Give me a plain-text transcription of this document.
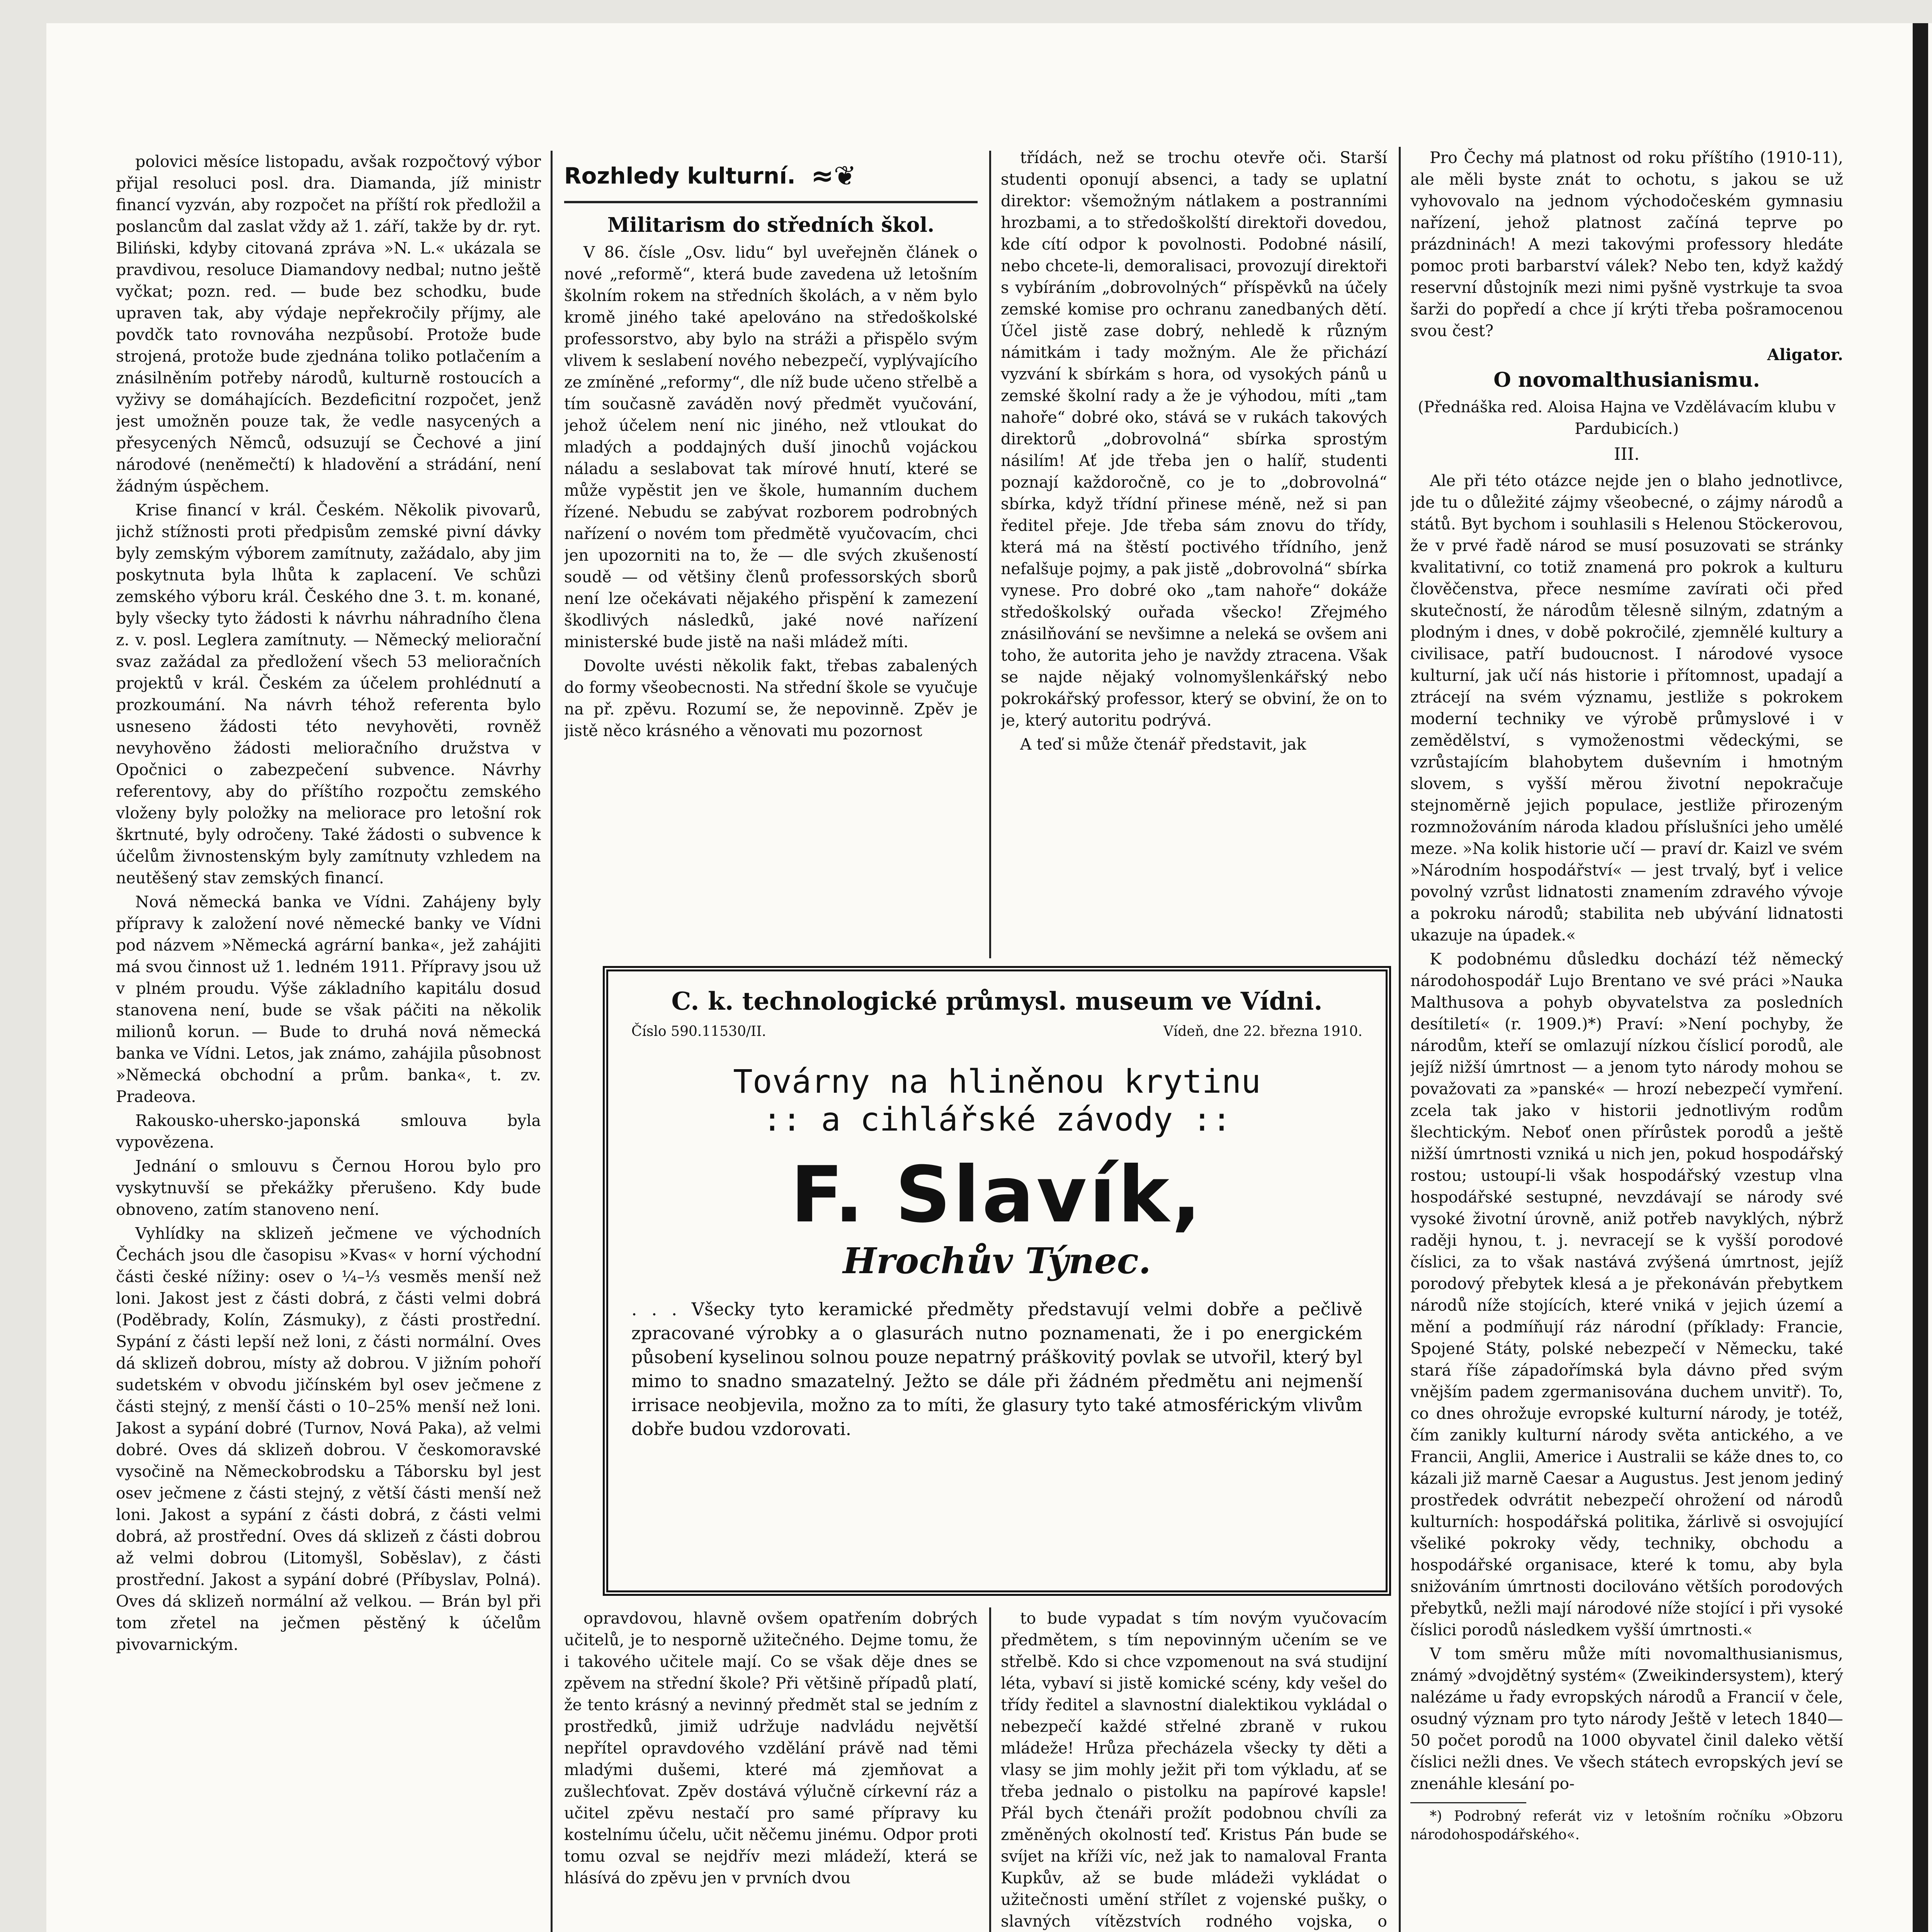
polovici měsíce listopadu, avšak rozpočtový výbor přijal resoluci posl. dra. Diamanda, jíž ministr financí vyzván, aby rozpočet na příští rok předložil a poslancům dal zaslat vždy až 1. září, takže by dr. ryt. Biliński, kdyby citovaná zpráva »N. L.« ukázala se pravdivou, resoluce Diamandovy nedbal; nutno ještě vyčkat; pozn. red. — bude bez schodku, bude upraven tak, aby výdaje nepřekročily příjmy, ale povdčk tato rovnováha nezpůsobí. Protože bude strojená, protože bude zjednána toliko potlačením a znásilněním potřeby národů, kulturně rostoucích a vyživy se domáhajících. Bezdeficitní rozpočet, jenž jest umožněn pouze tak, že vedle nasycených a přesycených Němců, odsuzují se Čechové a jiní národové (neněmečtí) k hladovění a strádání, není žádným úspěchem.

Krise financí v král. Českém. Několik pivovarů, jichž stížnosti proti předpisům zemské pivní dávky byly zemským výborem zamítnuty, zažádalo, aby jim poskytnuta byla lhůta k zaplacení. Ve schůzi zemského výboru král. Českého dne 3. t. m. konané, byly všecky tyto žádosti k návrhu náhradního člena z. v. posl. Leglera zamítnuty. — Německý meliorační svaz zažádal za předložení všech 53 melioračních projektů v král. Českém za účelem prohlédnutí a prozkoumání. Na návrh téhož referenta bylo usneseno žádosti této nevyhověti, rovněž nevyhověno žádosti melioračního družstva v Opočnici o zabezpečení subvence. Návrhy referentovy, aby do příštího rozpočtu zemského vloženy byly položky na meliorace pro letošní rok škrtnuté, byly odročeny. Také žádosti o subvence k účelům živnostenským byly zamítnuty vzhledem na neutěšený stav zemských financí.

Nová německá banka ve Vídni. Zahájeny byly přípravy k založení nové německé banky ve Vídni pod názvem »Německá agrární banka«, jež zahájiti má svou činnost už 1. ledném 1911. Přípravy jsou už v plném proudu. Výše základního kapitálu dosud stanovena není, bude se však páčiti na několik milionů korun. — Bude to druhá nová německá banka ve Vídni. Letos, jak známo, zahájila působnost »Německá obchodní a prům. banka«, t. zv. Pradeova.

Rakousko-uhersko-japonská smlouva byla vypovězena.

Jednání o smlouvu s Černou Horou bylo pro vyskytnuvší se překážky přerušeno. Kdy bude obnoveno, zatím stanoveno není.

Vyhlídky na sklizeň ječmene ve východních Čechách jsou dle časopisu »Kvas« v horní východní části české nížiny: osev o ¼–⅓ vesměs menší než loni. Jakost jest z části dobrá, z části velmi dobrá (Poděbrady, Kolín, Zásmuky), z části prostřední. Sypání z části lepší než loni, z části normální. Oves dá sklizeň dobrou, místy až dobrou. V jižním pohoří sudetském v obvodu jičínském byl osev ječmene z části stejný, z menší části o 10–25% menší než loni. Jakost a sypání dobré (Turnov, Nová Paka), až velmi dobré. Oves dá sklizeň dobrou. V českomoravské vysočině na Německobrodsku a Táborsku byl jest osev ječmene z části stejný, z větší části menší než loni. Jakost a sypání z části dobrá, z části velmi dobrá, až prostřední. Oves dá sklizeň z části dobrou až velmi dobrou (Litomyšl, Soběslav), z části prostřední. Jakost a sypání dobré (Příbyslav, Polná). Oves dá sklizeň normální až velkou. — Brán byl při tom zřetel na ječmen pěstěný k účelům pivovarnickým.

Rozhledy kulturní. ≈❦
Militarism do středních škol.

V 86. čísle „Osv. lidu“ byl uveřejněn článek o nové „reformě“, která bude zavedena už letošním školním rokem na středních školách, a v něm bylo kromě jiného také apelováno na středoškolské professorstvo, aby bylo na stráži a přispělo svým vlivem k seslabení nového nebezpečí, vyplývajícího ze zmíněné „reformy“, dle níž bude učeno střelbě a tím současně zaváděn nový předmět vyučování, jehož účelem není nic jiného, než vtloukat do mladých a poddajných duší jinochů vojáckou náladu a seslabovat tak mírové hnutí, které se může vypěstit jen ve škole, humanním duchem řízené. Nebudu se zabývat rozborem podrobných nařízení o novém tom předmětě vyučovacím, chci jen upozorniti na to, že — dle svých zkušeností soudě — od většiny členů professorských sborů není lze očekávati nějakého přispění k zamezení škodlivých následků, jaké nové nařízení ministerské bude jistě na naši mládež míti.

Dovolte uvésti několik fakt, třebas zabalených do formy všeobecnosti. Na střední škole se vyučuje na př. zpěvu. Rozumí se, že nepovinně. Zpěv je jistě něco krásného a věnovati mu pozornost

třídách, než se trochu otevře oči. Starší studenti oponují absenci, a tady se uplatní direktor: všemožným nátlakem a postranními hrozbami, a to středoškolští direktoři dovedou, kde cítí odpor k povolnosti. Podobné násilí, nebo chcete-li, demoralisaci, provozují direktoři s vybíráním „dobrovolných“ příspěvků na účely zemské komise pro ochranu zanedbaných dětí. Účel jistě zase dobrý, nehledě k různým námitkám i tady možným. Ale že přichází vyzvání k sbírkám s hora, od vysokých pánů u zemské školní rady a že je výhodou, míti „tam nahoře“ dobré oko, stává se v rukách takových direktorů „dobrovolná“ sbírka sprostým násilím! Ať jde třeba jen o halíř, studenti poznají každoročně, co je to „dobrovolná“ sbírka, když třídní přinese méně, než si pan ředitel přeje. Jde třeba sám znovu do třídy, která má na štěstí poctivého třídního, jenž nefalšuje pojmy, a pak jistě „dobrovolná“ sbírka vynese. Pro dobré oko „tam nahoře“ dokáže středoškolský ouřada všecko! Zřejmého znásilňování se nevšimne a neleká se ovšem ani toho, že autorita jeho je navždy ztracena. Však se najde nějaký volnomyšlenkářský nebo pokrokářský professor, který se obviní, že on to je, který autoritu podrývá.

A teď si může čtenář představit, jak

C. k. technologické průmysl. museum ve Vídni.
Číslo 590.11530/II.	Vídeň, dne 22. března 1910.
Továrny na hliněnou krytinu
:: a cihlářské závody ::
F. Slavík,
Hrochův Týnec.
. . . Všecky tyto keramické předměty představují velmi dobře a pečlivě zpracované výrobky a o glasurách nutno poznamenati, že i po energickém působení kyselinou solnou pouze nepatrný práškovitý povlak se utvořil, který byl mimo to snadno smazatelný. Ježto se dále při žádném předmětu ani nejmenší irrisace neobjevila, možno za to míti, že glasury tyto také atmosférickým vlivům dobře budou vzdorovati.

opravdovou, hlavně ovšem opatřením dobrých učitelů, je to nesporně užitečného. Dejme tomu, že i takového učitele mají. Co se však děje dnes se zpěvem na střední škole? Při většině případů platí, že tento krásný a nevinný předmět stal se jedním z prostředků, jimiž udržuje nadvládu největší nepřítel opravdového vzdělání právě nad těmi mladými dušemi, které má zjemňovat a zušlechťovat. Zpěv dostává výlučně církevní ráz a učitel zpěvu nestačí pro samé přípravy ku kostelnímu účelu, učit něčemu jinému. Odpor proti tomu ozval se nejdřív mezi mládeží, která se hlásívá do zpěvu jen v prvních dvou

to bude vypadat s tím novým vyučovacím předmětem, s tím nepovinným učením se ve střelbě. Kdo si chce vzpomenout na svá studijní léta, vybaví si jistě komické scény, kdy vešel do třídy ředitel a slavnostní dialektikou vykládal o nebezpečí každé střelné zbraně v rukou mládeže! Hrůza přecházela všecky ty děti a vlasy se jim mohly ježit při tom výkladu, ať se třeba jednalo o pistolku na papírové kapsle! Přál bych čtenáři prožít podobnou chvíli za změněných okolností teď. Kristus Pán bude se svíjet na kříži víc, než jak to namaloval Franta Kupkův, až se bude mládeži vykládat o užitečnosti umění střílet z vojenské pušky, o slavných vítězstvích rodného vojska, o

Pro Čechy má platnost od roku příštího (1910-11), ale měli byste znát to ochotu, s jakou se už vyhovovalo na jednom východočeském gymnasiu nařízení, jehož platnost začíná teprve po prázdninách! A mezi takovými professory hledáte pomoc proti barbarství válek? Nebo ten, když každý reservní důstojník mezi nimi pyšně vystrkuje ta svoa šarži do popředí a chce jí krýti třeba pošramocenou svou čest?

Aligator.
O novomalthusianismu.
(Přednáška red. Aloisa Hajna ve Vzdělávacím klubu v Pardubicích.)
III.

Ale při této otázce nejde jen o blaho jednotlivce, jde tu o důležité zájmy všeobecné, o zájmy národů a států. Byt bychom i souhlasili s Helenou Stöckerovou, že v prvé řadě národ se musí posuzovati se stránky kvalitativní, co totiž znamená pro pokrok a kulturu člověčenstva, přece nesmíme zavírati oči před skutečností, že národům tělesně silným, zdatným a plodným i dnes, v době pokročilé, zjemnělé kultury a civilisace, patří budoucnost. I národové vysoce kulturní, jak učí nás historie i přítomnost, upadají a ztrácejí na svém významu, jestliže s pokrokem moderní techniky ve výrobě průmyslové i v zemědělství, s vymoženostmi vědeckými, se vzrůstajícím blahobytem duševním i hmotným slovem, s vyšší měrou životní nepokračuje stejnoměrně jejich populace, jestliže přirozeným rozmnožováním národa kladou příslušníci jeho umělé meze. »Na kolik historie učí — praví dr. Kaizl ve svém »Národním hospodářství« — jest trvalý, byť i velice povolný vzrůst lidnatosti znamením zdravého vývoje a pokroku národů; stabilita neb ubývání lidnatosti ukazuje na úpadek.«

K podobnému důsledku dochází též německý národohospodář Lujo Brentano ve své práci »Nauka Malthusova a pohyb obyvatelstva za posledních desítiletí« (r. 1909.)*) Praví: »Není pochyby, že národům, kteří se omlazují nízkou číslicí porodů, ale jejíž nižší úmrtnost — a jenom tyto národy mohou se považovati za »panské« — hrozí nebezpečí vymření. zcela tak jako v historii jednotlivým rodům šlechtickým. Neboť onen přírůstek porodů a ještě nižší úmrtnosti vzniká u nich jen, pokud hospodářský rostou; ustoupí-li však hospodářský vzestup vlna hospodářské sestupné, nevzdávají se národy své vysoké životní úrovně, aniž potřeb navyklých, nýbrž raději hynou, t. j. nevracejí se k vyšší porodové číslici, za to však nastává zvýšená úmrtnost, jejíž porodový přebytek klesá a je překonáván přebytkem národů níže stojících, které vniká v jejich území a mění a podmíňují ráz národní (příklady: Francie, Spojené Státy, polské nebezpečí v Německu, také stará říše západořímská byla dávno před svým vnějším padem zgermanisována duchem unvitř). To, co dnes ohrožuje evropské kulturní národy, je totéž, čím zanikly kulturní národy světa antického, a ve Francii, Anglii, Americe i Australii se káže dnes to, co kázali již marně Caesar a Augustus. Jest jenom jediný prostředek odvrátit nebezpečí ohrožení od národů kulturních: hospodářská politika, žárlivě si osvojující všeliké pokroky vědy, techniky, obchodu a hospodářské organisace, které k tomu, aby byla snižováním úmrtnosti docilováno větších porodových přebytků, nežli mají národové níže stojící i při vysoké číslici porodů následkem vyšší úmrtnosti.«

V tom směru může míti novomalthusianismus, známý »dvojdětný systém« (Zweikindersystem), který nalézáme u řady evropských národů a Francií v čele, osudný význam pro tyto národy Ještě v letech 1840—50 počet porodů na 1000 obyvatel činil daleko větší číslici nežli dnes. Ve všech státech evropských jeví se znenáhle klesání po-

*) Podrobný referát viz v letošním ročníku »Obzoru národohospodářského«.
